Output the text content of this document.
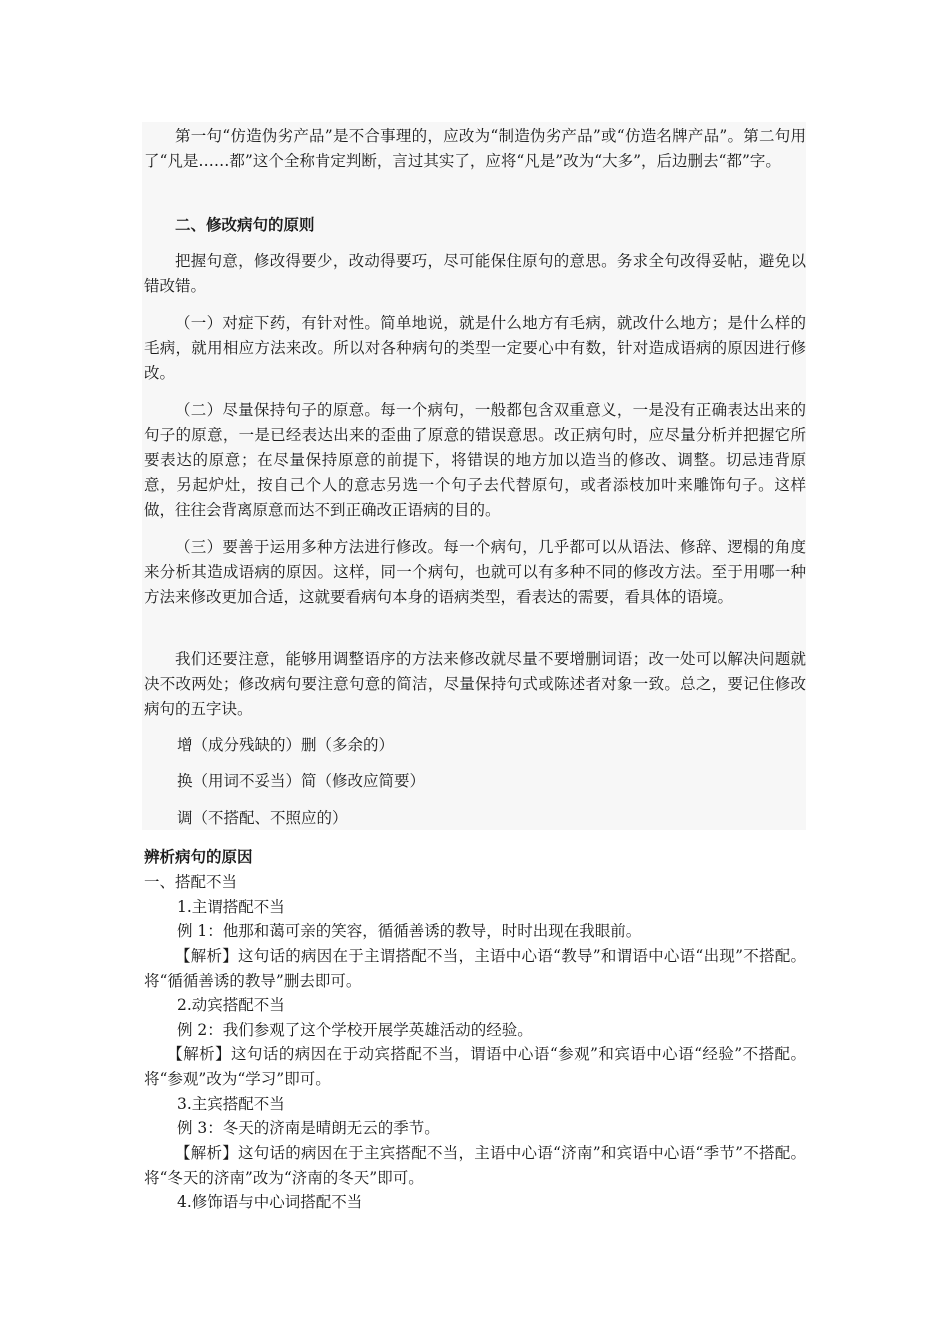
第一句“仿造伪劣产品”是不合事理的，应改为“制造伪劣产品”或“仿造名牌产品”。第二句用了“凡是……都”这个全称肯定判断，言过其实了，应将“凡是”改为“大多”，后边删去“都”字。

二、修改病句的原则

把握句意，修改得要少，改动得要巧，尽可能保住原句的意思。务求全句改得妥帖，避免以错改错。

（一）对症下药，有针对性。简单地说，就是什么地方有毛病，就改什么地方；是什么样的毛病，就用相应方法来改。所以对各种病句的类型一定要心中有数，针对造成语病的原因进行修改。

（二）尽量保持句子的原意。每一个病句，一般都包含双重意义，一是没有正确表达出来的句子的原意，一是已经表达出来的歪曲了原意的错误意思。改正病句时，应尽量分析并把握它所要表达的原意；在尽量保持原意的前提下，将错误的地方加以造当的修改、调整。切忌违背原意，另起炉灶，按自己个人的意志另选一个句子去代替原句，或者添枝加叶来雕饰句子。这样做，往往会背离原意而达不到正确改正语病的目的。

（三）要善于运用多种方法进行修改。每一个病句，几乎都可以从语法、修辞、逻榻的角度来分析其造成语病的原因。这样，同一个病句，也就可以有多种不同的修改方法。至于用哪一种方法来修改更加合适，这就要看病句本身的语病类型，看表达的需要，看具体的语境。

我们还要注意，能够用调整语序的方法来修改就尽量不要增删词语；改一处可以解决问题就决不改两处；修改病句要注意句意的简洁，尽量保持句式或陈述者对象一致。总之，要记住修改病句的五字诀。

增（成分残缺的）删（多余的）

换（用词不妥当）简（修改应简要）

调（不搭配、不照应的）

辨析病句的原因

一、搭配不当

1.主谓搭配不当

例 1：他那和蔼可亲的笑容，循循善诱的教导，时时出现在我眼前。

【解析】这句话的病因在于主谓搭配不当，主语中心语“教导”和谓语中心语“出现”不搭配。将“循循善诱的教导”删去即可。

2.动宾搭配不当

例 2：我们参观了这个学校开展学英雄活动的经验。

【解析】这句话的病因在于动宾搭配不当，谓语中心语“参观”和宾语中心语“经验”不搭配。将“参观”改为“学习”即可。

3.主宾搭配不当

例 3：冬天的济南是晴朗无云的季节。

【解析】这句话的病因在于主宾搭配不当，主语中心语“济南”和宾语中心语“季节”不搭配。将“冬天的济南”改为“济南的冬天”即可。

4.修饰语与中心词搭配不当
